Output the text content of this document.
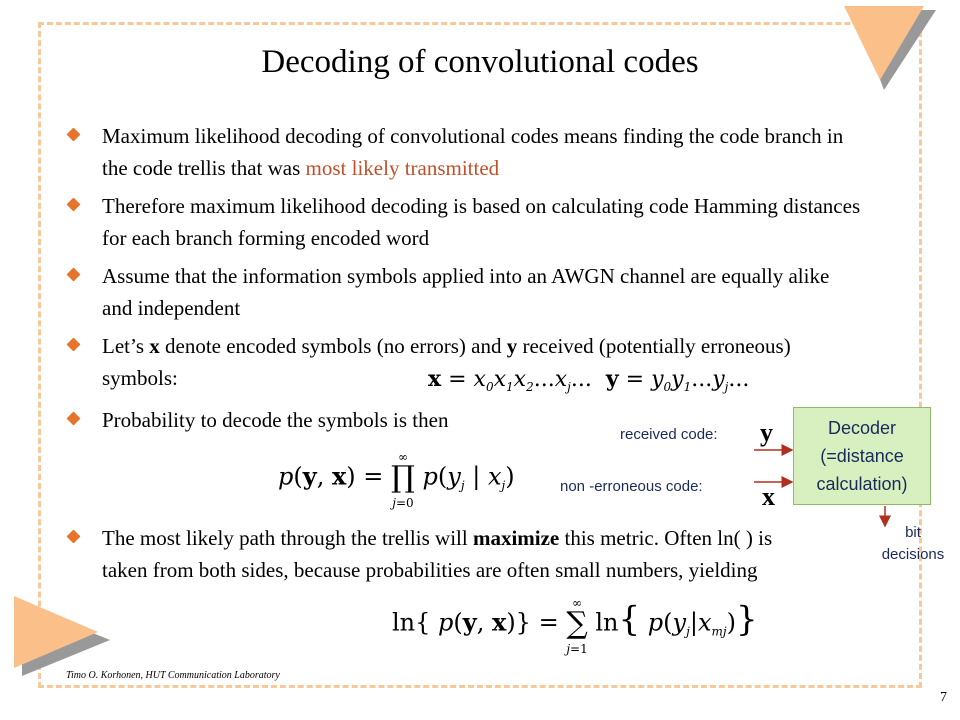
Decoding of convolutional codes
Maximum likelihood decoding of convolutional codes means finding the code branch in the code trellis that was most likely transmitted
Therefore maximum likelihood decoding is based on calculating code Hamming distances for each branch forming encoded word
Assume that the information symbols applied into an AWGN channel are equally alike and independent
Let’s x denote encoded symbols (no errors) and y received (potentially erroneous) symbols:
Probability to decode the symbols is then
The most likely path through the trellis will maximize this metric. Often ln( ) is taken from both sides, because probabilities are often small numbers, yielding
$x = x_0x_1x_2...x_j$...  $y = y_0y_1...y_j$...
p(y, x) = ∞
∏
j=0 $p(y_j$ | $x_j$)
ln{ p(y, x)} = ∞
∑
j=1 ln{ $p(y_j|x_{mj})$}
received code: y
non -erroneous code: x
Decoder
(=distance
calculation)
bit
decisions
Timo O. Korhonen, HUT Communication Laboratory
7
